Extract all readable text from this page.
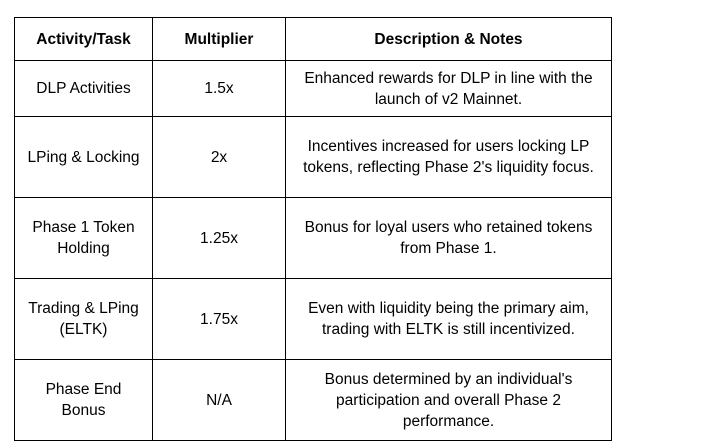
Activity/Task	Multiplier	Description & Notes
DLP Activities	1.5x	Enhanced rewards for DLP in line with the launch of v2 Mainnet.
LPing & Locking	2x	Incentives increased for users locking LP tokens, reflecting Phase 2's liquidity focus.
Phase 1 Token Holding	1.25x	Bonus for loyal users who retained tokens from Phase 1.
Trading & LPing (ELTK)	1.75x	Even with liquidity being the primary aim, trading with ELTK is still incentivized.
Phase End Bonus	N/A	Bonus determined by an individual's participation and overall Phase 2 performance.
